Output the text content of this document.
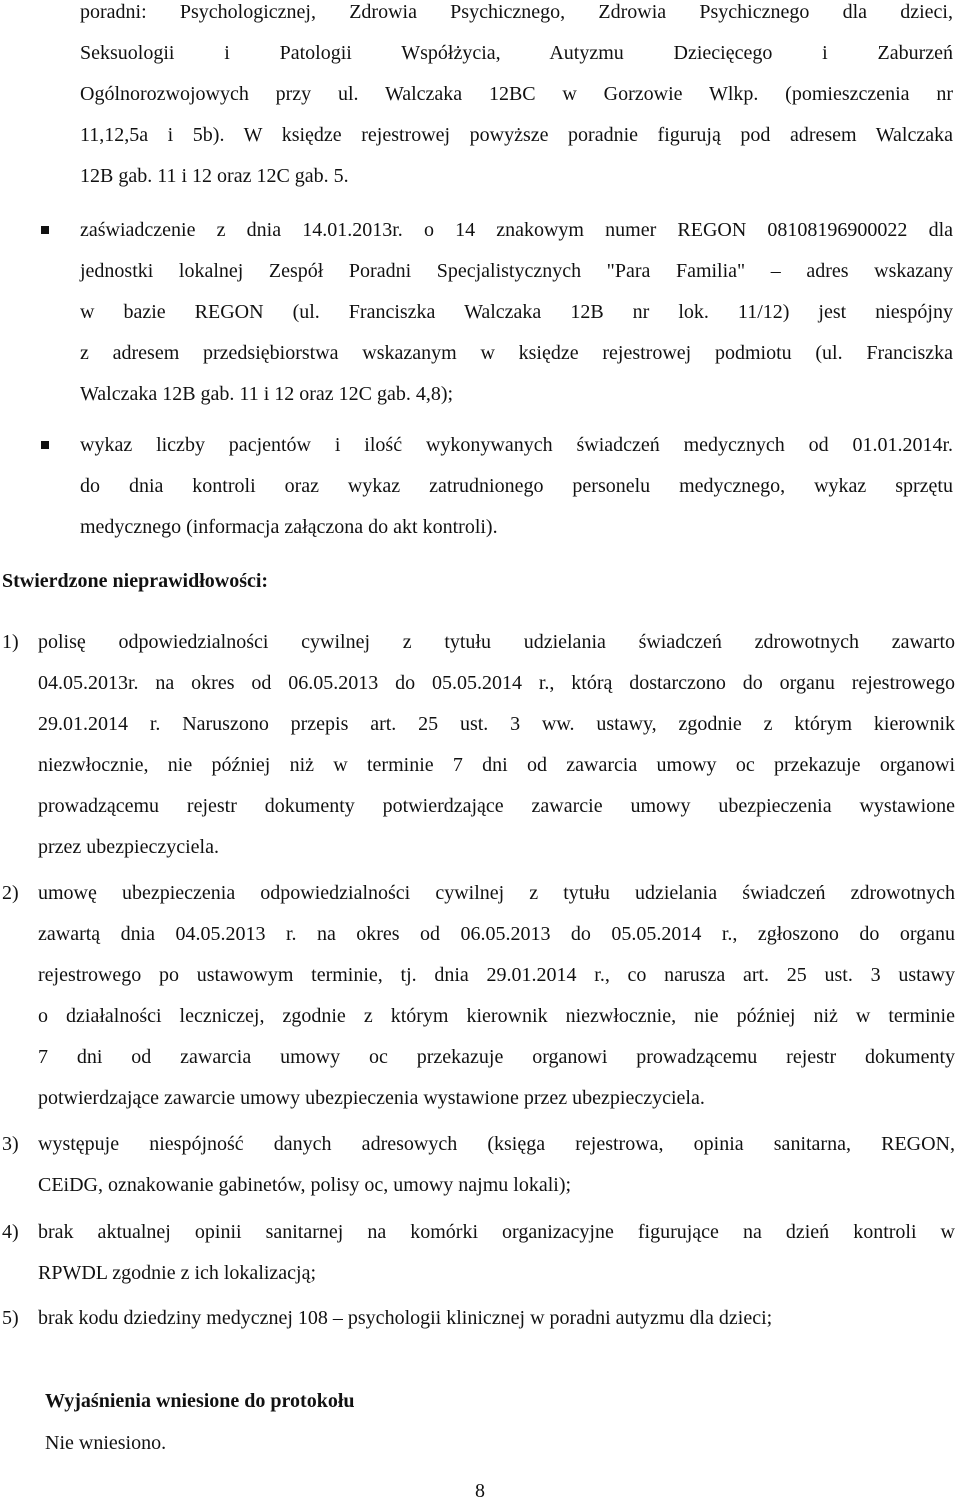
poradni: Psychologicznej, Zdrowia Psychicznego, Zdrowia Psychicznego dla dzieci,
Seksuologii i Patologii Współżycia, Autyzmu Dziecięcego i Zaburzeń
Ogólnorozwojowych przy ul. Walczaka 12BC w Gorzowie Wlkp. (pomieszczenia nr
11,12,5a i 5b). W księdze rejestrowej powyższe poradnie figurują pod adresem Walczaka
12B gab. 11 i 12 oraz 12C gab. 5.
zaświadczenie z dnia 14.01.2013r. o 14 znakowym numer REGON 08108196900022 dla
jednostki lokalnej Zespół Poradni Specjalistycznych "Para Familia" – adres wskazany
w bazie REGON (ul. Franciszka Walczaka 12B nr lok. 11/12) jest niespójny
z adresem przedsiębiorstwa wskazanym w księdze rejestrowej podmiotu (ul. Franciszka
Walczaka 12B gab. 11 i 12 oraz 12C gab. 4,8);
wykaz liczby pacjentów i ilość wykonywanych świadczeń medycznych od 01.01.2014r.
do dnia kontroli oraz wykaz zatrudnionego personelu medycznego, wykaz sprzętu
medycznego (informacja załączona do akt kontroli).
Stwierdzone nieprawidłowości:
1) polisę odpowiedzialności cywilnej z tytułu udzielania świadczeń zdrowotnych zawarto
04.05.2013r. na okres od 06.05.2013 do 05.05.2014 r., którą dostarczono do organu rejestrowego
29.01.2014 r. Naruszono przepis art. 25 ust. 3 ww. ustawy, zgodnie z którym kierownik
niezwłocznie, nie później niż w terminie 7 dni od zawarcia umowy oc przekazuje organowi
prowadzącemu rejestr dokumenty potwierdzające zawarcie umowy ubezpieczenia wystawione
przez ubezpieczyciela.
2) umowę ubezpieczenia odpowiedzialności cywilnej z tytułu udzielania świadczeń zdrowotnych
zawartą dnia 04.05.2013 r. na okres od 06.05.2013 do 05.05.2014 r., zgłoszono do organu
rejestrowego po ustawowym terminie, tj. dnia 29.01.2014 r., co narusza art. 25 ust. 3 ustawy
o działalności leczniczej, zgodnie z którym kierownik niezwłocznie, nie później niż w terminie
7 dni od zawarcia umowy oc przekazuje organowi prowadzącemu rejestr dokumenty
potwierdzające zawarcie umowy ubezpieczenia wystawione przez ubezpieczyciela.
3) występuje niespójność danych adresowych (księga rejestrowa, opinia sanitarna, REGON,
CEiDG, oznakowanie gabinetów, polisy oc, umowy najmu lokali);
4) brak aktualnej opinii sanitarnej na komórki organizacyjne figurujące na dzień kontroli w
RPWDL zgodnie z ich lokalizacją;
5) brak kodu dziedziny medycznej 108 – psychologii klinicznej w poradni autyzmu dla dzieci;
Wyjaśnienia wniesione do protokołu
Nie wniesiono.
8
